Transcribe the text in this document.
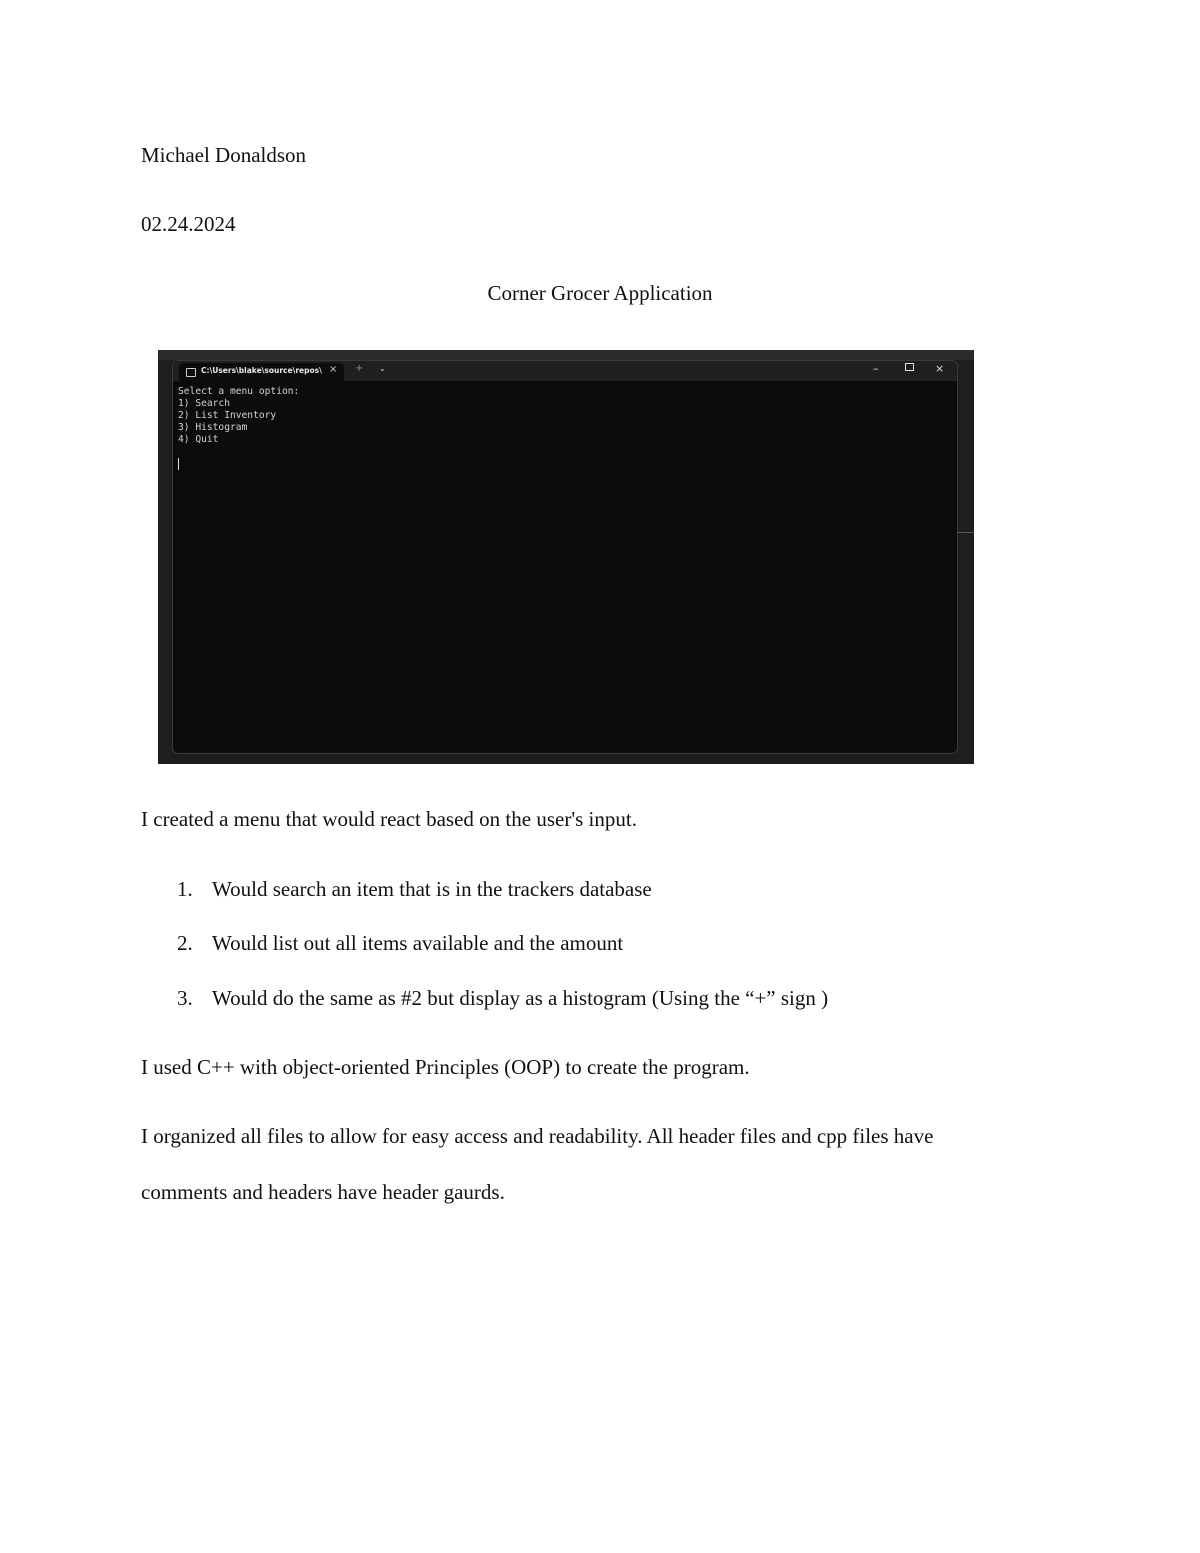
Michael Donaldson
02.24.2024
Corner Grocer Application
C:\Users\blake\source\repos\ × + ⌄	–	×
Select a menu option:
1) Search
2) List Inventory
3) Histogram
4) Quit
I created a menu that would react based on the user's input.
1. Would search an item that is in the trackers database
2. Would list out all items available and the amount
3. Would do the same as #2 but display as a histogram (Using the “+” sign )
I used C++ with object-oriented Principles (OOP) to create the program.
I organized all files to allow for easy access and readability. All header files and cpp files have
comments and headers have header gaurds.
